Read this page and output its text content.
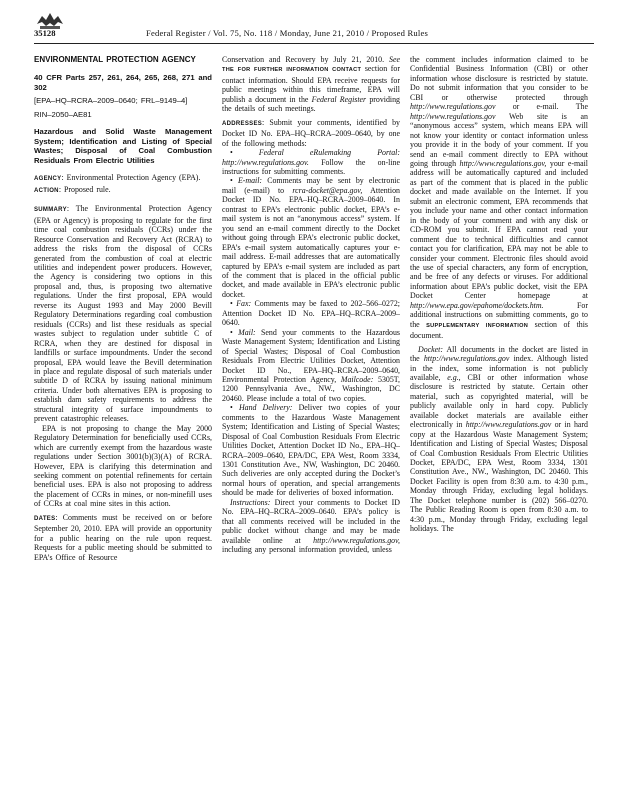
35128	Federal Register / Vol. 75, No. 118 / Monday, June 21, 2010 / Proposed Rules

ENVIRONMENTAL PROTECTION AGENCY

40 CFR Parts 257, 261, 264, 265, 268, 271 and 302

[EPA–HQ–RCRA–2009–0640; FRL–9149–4]

RIN–2050–AE81

Hazardous and Solid Waste Management System; Identification and Listing of Special Wastes; Disposal of Coal Combustion Residuals From Electric Utilities

AGENCY: Environmental Protection Agency (EPA).

ACTION: Proposed rule.

SUMMARY: The Environmental Protection Agency (EPA or Agency) is proposing to regulate for the first time coal combustion residuals (CCRs) under the Resource Conservation and Recovery Act (RCRA) to address the risks from the disposal of CCRs generated from the combustion of coal at electric utilities and independent power producers. However, the Agency is considering two options in this proposal and, thus, is proposing two alternative regulations. Under the first proposal, EPA would reverse its August 1993 and May 2000 Bevill Regulatory Determinations regarding coal combustion residuals (CCRs) and list these residuals as special wastes subject to regulation under subtitle C of RCRA, when they are destined for disposal in landfills or surface impoundments. Under the second proposal, EPA would leave the Bevill determination in place and regulate disposal of such materials under subtitle D of RCRA by issuing national minimum criteria. Under both alternatives EPA is proposing to establish dam safety requirements to address the structural integrity of surface impoundments to prevent catastrophic releases.

EPA is not proposing to change the May 2000 Regulatory Determination for beneficially used CCRs, which are currently exempt from the hazardous waste regulations under Section 3001(b)(3)(A) of RCRA. However, EPA is clarifying this determination and seeking comment on potential refinements for certain beneficial uses. EPA is also not proposing to address the placement of CCRs in mines, or non-minefill uses of CCRs at coal mine sites in this action.

DATES: Comments must be received on or before September 20, 2010. EPA will provide an opportunity for a public hearing on the rule upon request. Requests for a public meeting should be submitted to EPA’s Office of Resource

Conservation and Recovery by July 21, 2010. See THE FOR FURTHER INFORMATION CONTACT section for contact information. Should EPA receive requests for public meetings within this timeframe, EPA will publish a document in the Federal Register providing the details of such meetings.

ADDRESSES: Submit your comments, identified by Docket ID No. EPA–HQ–RCRA–2009–0640, by one of the following methods:

• Federal eRulemaking Portal: http://www.regulations.gov. Follow the on-line instructions for submitting comments.

• E-mail: Comments may be sent by electronic mail (e-mail) to rcra-docket@epa.gov, Attention Docket ID No. EPA–HQ–RCRA–2009–0640. In contrast to EPA’s electronic public docket, EPA’s e-mail system is not an “anonymous access” system. If you send an e-mail comment directly to the Docket without going through EPA’s electronic public docket, EPA’s e-mail system automatically captures your e-mail address. E-mail addresses that are automatically captured by EPA’s e-mail system are included as part of the comment that is placed in the official public docket, and made available in EPA’s electronic public docket.

• Fax: Comments may be faxed to 202–566–0272; Attention Docket ID No. EPA–HQ–RCRA–2009–0640.

• Mail: Send your comments to the Hazardous Waste Management System; Identification and Listing of Special Wastes; Disposal of Coal Combustion Residuals From Electric Utilities Docket, Attention Docket ID No., EPA–HQ–RCRA–2009–0640, Environmental Protection Agency, Mailcode: 5305T, 1200 Pennsylvania Ave., NW., Washington, DC 20460. Please include a total of two copies.

• Hand Delivery: Deliver two copies of your comments to the Hazardous Waste Management System; Identification and Listing of Special Wastes; Disposal of Coal Combustion Residuals From Electric Utilities Docket, Attention Docket ID No., EPA–HQ–RCRA–2009–0640, EPA/DC, EPA West, Room 3334, 1301 Constitution Ave., NW, Washington, DC 20460. Such deliveries are only accepted during the Docket’s normal hours of operation, and special arrangements should be made for deliveries of boxed information.

Instructions: Direct your comments to Docket ID No. EPA–HQ–RCRA–2009–0640. EPA’s policy is that all comments received will be included in the public docket without change and may be made available online at http://www.regulations.gov, including any personal information provided, unless

the comment includes information claimed to be Confidential Business Information (CBI) or other information whose disclosure is restricted by statute. Do not submit information that you consider to be CBI or otherwise protected through http://www.regulations.gov or e-mail. The http://www.regulations.gov Web site is an “anonymous access” system, which means EPA will not know your identity or contact information unless you provide it in the body of your comment. If you send an e-mail comment directly to EPA without going through http://www.regulations.gov, your e-mail address will be automatically captured and included as part of the comment that is placed in the public docket and made available on the Internet. If you submit an electronic comment, EPA recommends that you include your name and other contact information in the body of your comment and with any disk or CD-ROM you submit. If EPA cannot read your comment due to technical difficulties and cannot contact you for clarification, EPA may not be able to consider your comment. Electronic files should avoid the use of special characters, any form of encryption, and be free of any defects or viruses. For additional information about EPA’s public docket, visit the EPA Docket Center homepage at http://www.epa.gov/epahome/dockets.htm.	For additional instructions on submitting comments, go to the SUPPLEMENTARY INFORMATION section of this document.

Docket: All documents in the docket are listed in the http://www.regulations.gov index. Although listed in the index, some information is not publicly available, e.g., CBI or other information whose disclosure is restricted by statute. Certain other material, such as copyrighted material, will be publicly available only in hard copy. Publicly available docket materials are available either electronically in http://www.regulations.gov or in hard copy at the Hazardous Waste Management System; Identification and Listing of Special Wastes; Disposal of Coal Combustion Residuals From Electric Utilities Docket, EPA/DC, EPA West, Room 3334, 1301 Constitution Ave., NW., Washington, DC 20460. This Docket Facility is open from 8:30 a.m. to 4:30 p.m., Monday through Friday, excluding legal holidays. The Docket telephone number is (202) 566–0270. The Public Reading Room is open from 8:30 a.m. to 4:30 p.m., Monday through Friday, excluding legal holidays. The
